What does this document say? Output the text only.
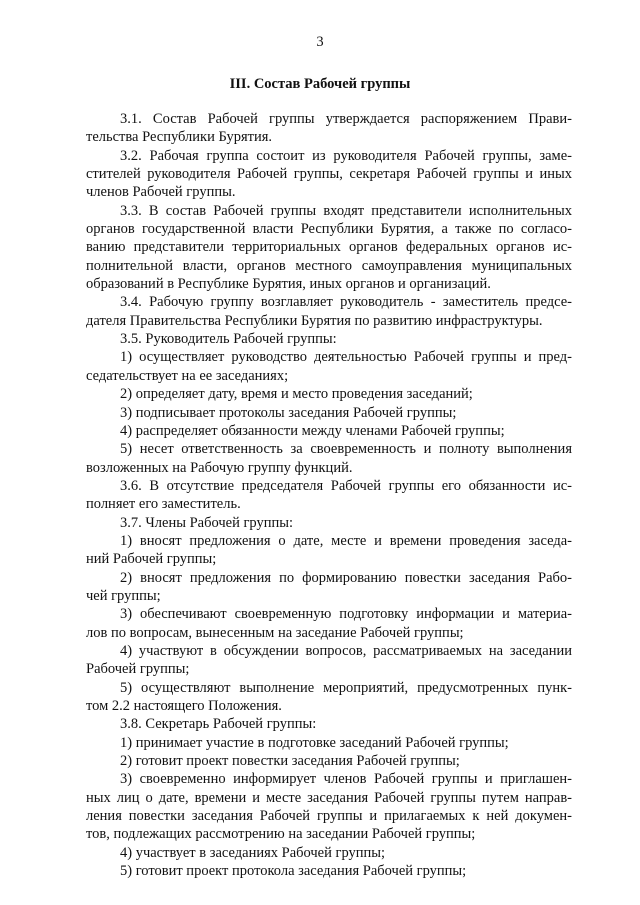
3
III. Состав Рабочей группы
3.1. Состав Рабочей группы утверждается распоряжением Прави-
тельства Республики Бурятия.
3.2. Рабочая группа состоит из руководителя Рабочей группы, заме-
стителей руководителя Рабочей группы, секретаря Рабочей группы и иных
членов Рабочей группы.
3.3. В состав Рабочей группы входят представители исполнительных
органов государственной власти Республики Бурятия, а также по согласо-
ванию представители территориальных органов федеральных органов ис-
полнительной власти, органов местного самоуправления муниципальных
образований в Республике Бурятия, иных органов и организаций.
3.4. Рабочую группу возглавляет руководитель - заместитель предсе-
дателя Правительства Республики Бурятия по развитию инфраструктуры.
3.5. Руководитель Рабочей группы:
1) осуществляет руководство деятельностью Рабочей группы и пред-
седательствует на ее заседаниях;
2) определяет дату, время и место проведения заседаний;
3) подписывает протоколы заседания Рабочей группы;
4) распределяет обязанности между членами Рабочей группы;
5) несет ответственность за своевременность и полноту выполнения
возложенных на Рабочую группу функций.
3.6. В отсутствие председателя Рабочей группы его обязанности ис-
полняет его заместитель.
3.7. Члены Рабочей группы:
1) вносят предложения о дате, месте и времени проведения заседа-
ний Рабочей группы;
2) вносят предложения по формированию повестки заседания Рабо-
чей группы;
3) обеспечивают своевременную подготовку информации и материа-
лов по вопросам, вынесенным на заседание Рабочей группы;
4) участвуют в обсуждении вопросов, рассматриваемых на заседании
Рабочей группы;
5) осуществляют выполнение мероприятий, предусмотренных пунк-
том 2.2 настоящего Положения.
3.8. Секретарь Рабочей группы:
1) принимает участие в подготовке заседаний Рабочей группы;
2) готовит проект повестки заседания Рабочей группы;
3) своевременно информирует членов Рабочей группы и приглашен-
ных лиц о дате, времени и месте заседания Рабочей группы путем направ-
ления повестки заседания Рабочей группы и прилагаемых к ней докумен-
тов, подлежащих рассмотрению на заседании Рабочей группы;
4) участвует в заседаниях Рабочей группы;
5) готовит проект протокола заседания Рабочей группы;
